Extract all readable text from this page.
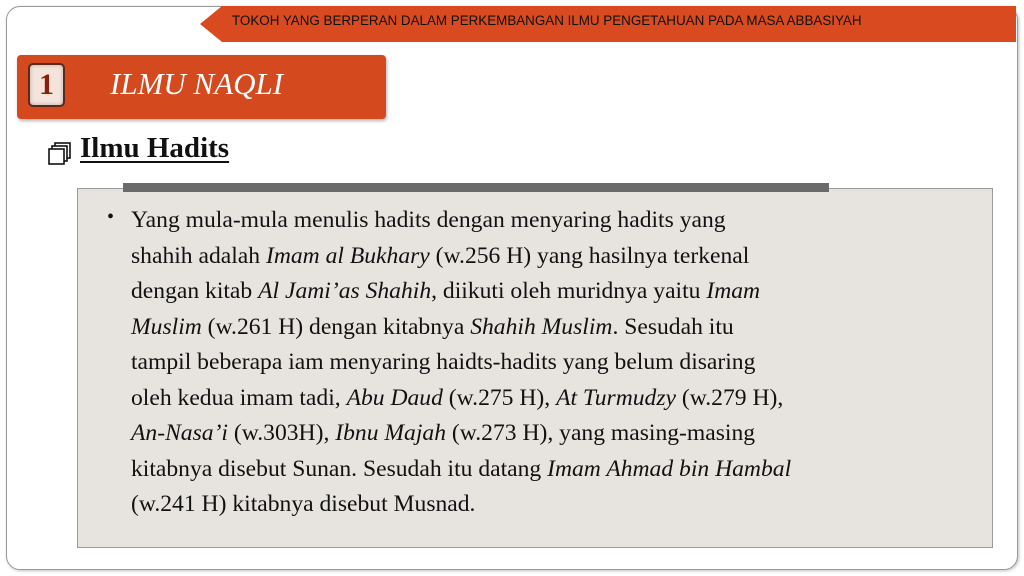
TOKOH YANG BERPERAN DALAM PERKEMBANGAN ILMU PENGETAHUAN PADA MASA ABBASIYAH
1	ILMU NAQLI
Ilmu Hadits
• Yang mula-mula menulis hadits dengan menyaring hadits yang
shahih adalah Imam al Bukhary (w.256 H) yang hasilnya terkenal
dengan kitab Al Jami’as Shahih, diikuti oleh muridnya yaitu Imam
Muslim (w.261 H) dengan kitabnya Shahih Muslim. Sesudah itu
tampil beberapa iam menyaring haidts-hadits yang belum disaring
oleh kedua imam tadi, Abu Daud (w.275 H), At Turmudzy (w.279 H),
An-Nasa’i (w.303H), Ibnu Majah (w.273 H), yang masing-masing
kitabnya disebut Sunan. Sesudah itu datang Imam Ahmad bin Hambal
(w.241 H) kitabnya disebut Musnad.
